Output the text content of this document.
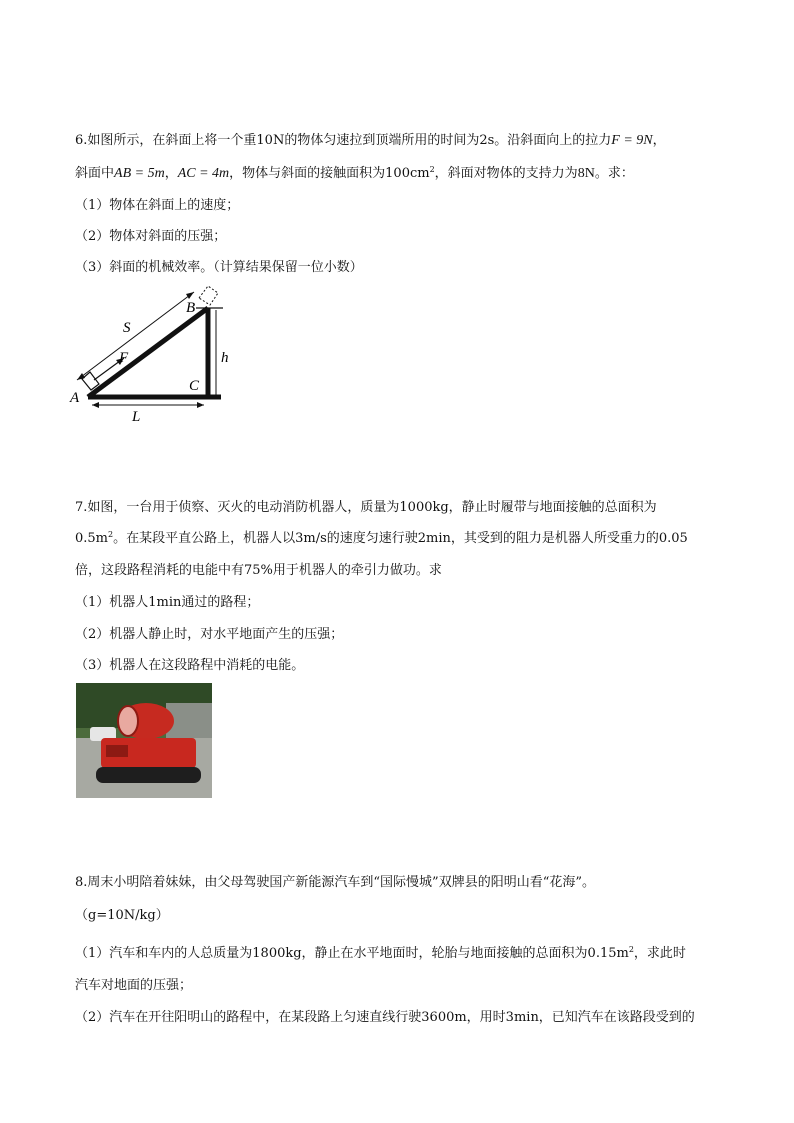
6.如图所示，在斜面上将一个重10N的物体匀速拉到顶端所用的时间为2s。沿斜面向上的拉力F = 9N，
斜面中AB = 5m，AC = 4m，物体与斜面的接触面积为$100cm^2$，斜面对物体的支持力为8N。求：
（1）物体在斜面上的速度；
（2）物体对斜面的压强；
（3）斜面的机械效率。（计算结果保留一位小数）
A
B
C
S
F	h
L
7.如图，一台用于侦察、灭火的电动消防机器人，质量为1000kg，静止时履带与地面接触的总面积为
$0.5m^2$。在某段平直公路上，机器人以3m/s的速度匀速行驶2min，其受到的阻力是机器人所受重力的0.05
倍，这段路程消耗的电能中有75%用于机器人的牵引力做功。求
（1）机器人1min通过的路程；
（2）机器人静止时，对水平地面产生的压强；
（3）机器人在这段路程中消耗的电能。
8.周末小明陪着妹妹，由父母驾驶国产新能源汽车到“国际慢城”双牌县的阳明山看“花海”。
（g=10N/kg）
（1）汽车和车内的人总质量为1800kg，静止在水平地面时，轮胎与地面接触的总面积为$0.15m^2$，求此时
汽车对地面的压强；
（2）汽车在开往阳明山的路程中，在某段路上匀速直线行驶3600m，用时3min，已知汽车在该路段受到的
